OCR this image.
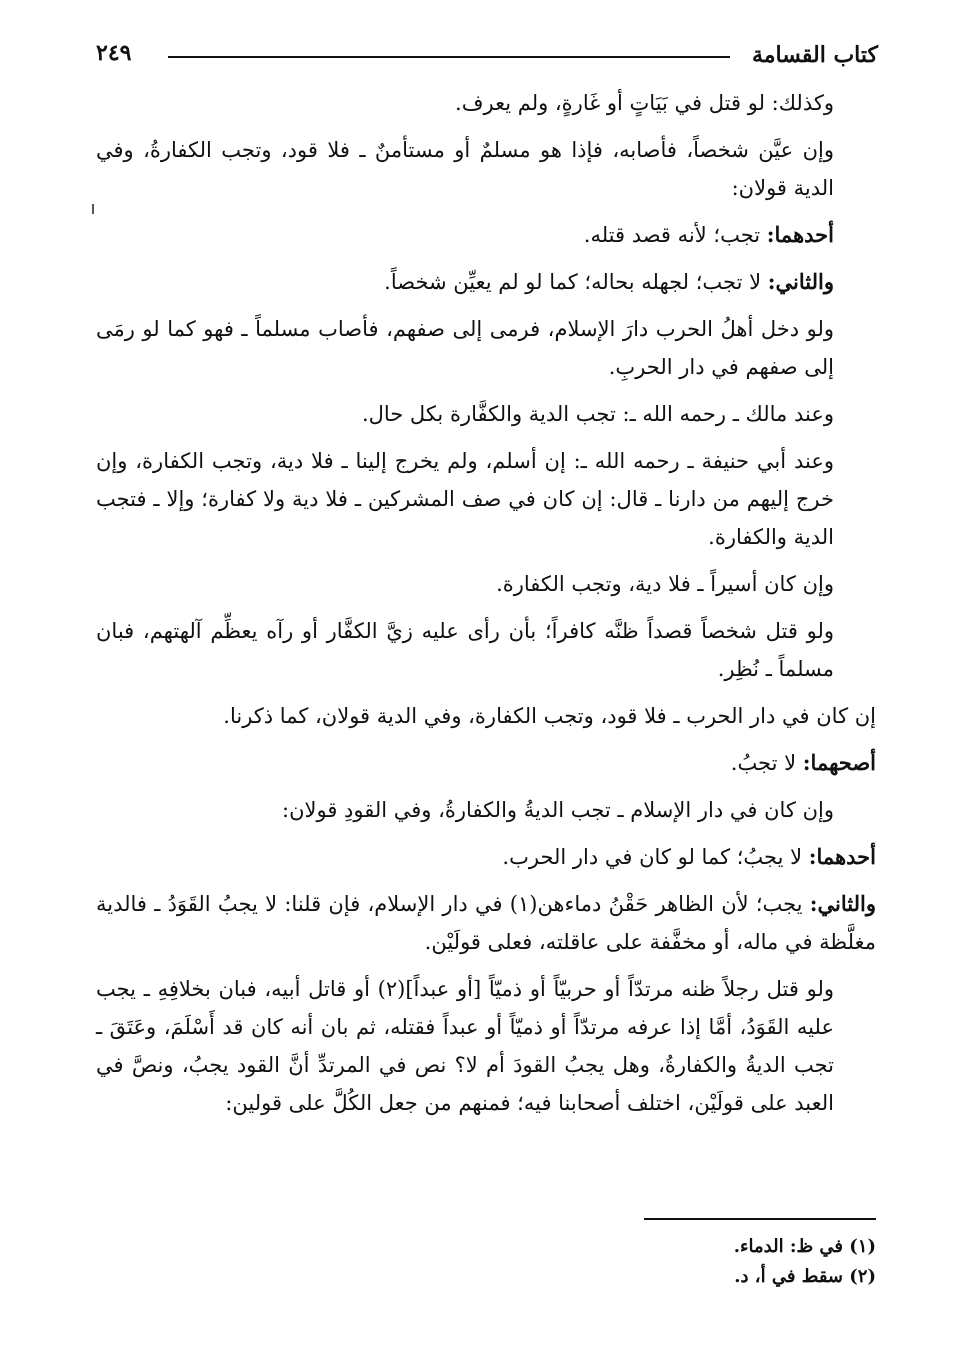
كتاب القسامة
٢٤٩

وكذلك: لو قتل في بَيَاتٍ أو غَارةٍ، ولم يعرف.

وإن عيَّن شخصاً، فأصابه، فإذا هو مسلمٌ أو مستأمنٌ ـ فلا قود، وتجب الكفارةُ، وفي الدية قولان:

أحدهما: تجب؛ لأنه قصد قتله.

والثاني: لا تجب؛ لجهله بحاله؛ كما لو لم يعيِّن شخصاً.

ولو دخل أهلُ الحرب دارَ الإسلام، فرمى إلى صفهم، فأصاب مسلماً ـ فهو كما لو رمَى إلى صفهم في دار الحربِ.

وعند مالك ـ رحمه الله ـ: تجب الدية والكفَّارة بكل حال.

وعند أبي حنيفة ـ رحمه الله ـ: إن أسلم، ولم يخرج إلينا ـ فلا دية، وتجب الكفارة، وإن خرج إليهم من دارنا ـ قال: إن كان في صف المشركين ـ فلا دية ولا كفارة؛ وإلا ـ فتجب الدية والكفارة.

وإن كان أسيراً ـ فلا دية، وتجب الكفارة.

ولو قتل شخصاً قصداً ظنَّه كافراً؛ بأن رأى عليه زيَّ الكفَّار أو رآه يعظِّم آلهتهم، فبان مسلماً ـ نُظِر.

إن كان في دار الحرب ـ فلا قود، وتجب الكفارة، وفي الدية قولان، كما ذكرنا.

أصحهما: لا تجبُ.

وإن كان في دار الإسلام ـ تجب الديةُ والكفارةُ، وفي القودِ قولان:

أحدهما: لا يجبُ؛ كما لو كان في دار الحرب.

والثاني: يجب؛ لأن الظاهر حَقْنُ دماءهن(١) في دار الإسلام، فإن قلنا: لا يجبُ القَوَدُ ـ فالدية مغلَّظة في ماله، أو مخفَّفة على عاقلته، فعلى قولَيْن.

ولو قتل رجلاً ظنه مرتدّاً أو حربيّاً أو ذميّاً [أو عبداً](٢) أو قاتل أبيه، فبان بخلافِهِ ـ يجب عليه القَوَدُ، أمَّا إذا عرفه مرتدّاً أو ذميّاً أو عبداً فقتله، ثم بان أنه كان قد أَسْلَمَ، وعَتَقَ ـ تجب الديةُ والكفارةُ، وهل يجبُ القودَ أم لا؟ نص في المرتدِّ أنَّ القود يجبُ، ونصَّ في العبد على قولَيْن، اختلف أصحابنا فيه؛ فمنهم من جعل الكُلَّ على قولين:

(١) في ظ: الدماء.

(٢) سقط في أ، د.
